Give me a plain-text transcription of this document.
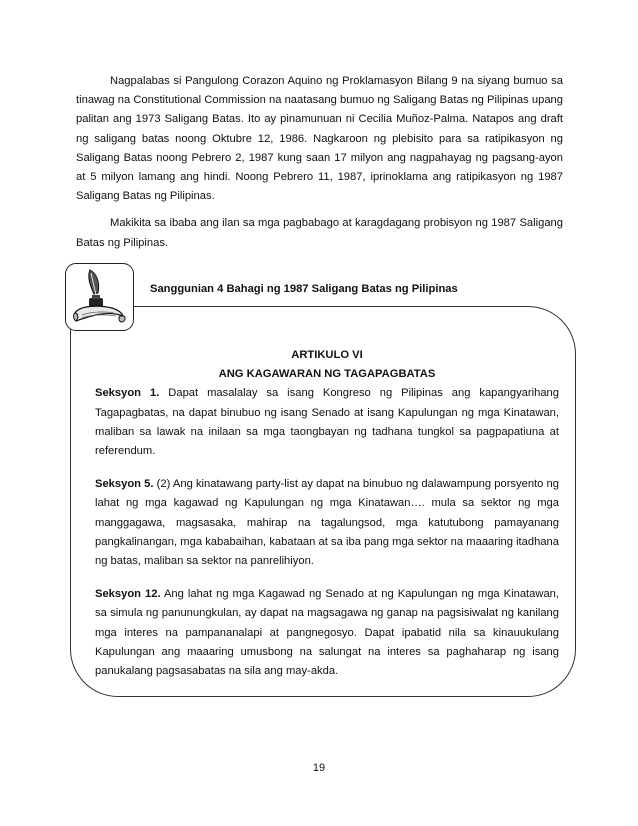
Nagpalabas si Pangulong Corazon Aquino ng Proklamasyon Bilang 9 na siyang bumuo sa tinawag na Constitutional Commission na naatasang bumuo ng Saligang Batas ng Pilipinas upang palitan ang 1973 Saligang Batas. Ito ay pinamunuan ni Cecilia Muñoz-Palma. Natapos ang draft ng saligang batas noong Oktubre 12, 1986. Nagkaroon ng plebisito para sa ratipikasyon ng Saligang Batas noong Pebrero 2, 1987 kung saan 17 milyon ang nagpahayag ng pagsang-ayon at 5 milyon lamang ang hindi. Noong Pebrero 11, 1987, iprinoklama ang ratipikasyon ng 1987 Saligang Batas ng Pilipinas.

Makikita sa ibaba ang ilan sa mga pagbabago at karagdagang probisyon ng 1987 Saligang Batas ng Pilipinas.

Sanggunian 4 Bahagi ng 1987 Saligang Batas ng Pilipinas
ARTIKULO VI
ANG KAGAWARAN NG TAGAPAGBATAS

Seksyon 1. Dapat masalalay sa isang Kongreso ng Pilipinas ang kapangyarihang Tagapagbatas, na dapat binubuo ng isang Senado at isang Kapulungan ng mga Kinatawan, maliban sa lawak na inilaan sa mga taongbayan ng tadhana tungkol sa pagpapatiuna at referendum.

Seksyon 5. (2) Ang kinatawang party-list ay dapat na binubuo ng dalawampung porsyento ng lahat ng mga kagawad ng Kapulungan ng mga Kinatawan…. mula sa sektor ng mga manggagawa, magsasaka, mahirap na tagalungsod, mga katutubong pamayanang pangkalinangan, mga kababaihan, kabataan at sa iba pang mga sektor na maaaring itadhana ng batas, maliban sa sektor na panrelihiyon.

Seksyon 12. Ang lahat ng mga Kagawad ng Senado at ng Kapulungan ng mga Kinatawan, sa simula ng panunungkulan, ay dapat na magsagawa ng ganap na pagsisiwalat ng kanilang mga interes na pampananalapi at pangnegosyo. Dapat ipabatid nila sa kinauukulang Kapulungan ang maaaring umusbong na salungat na interes sa paghaharap ng isang panukalang pagsasabatas na sila ang may-akda.

19
